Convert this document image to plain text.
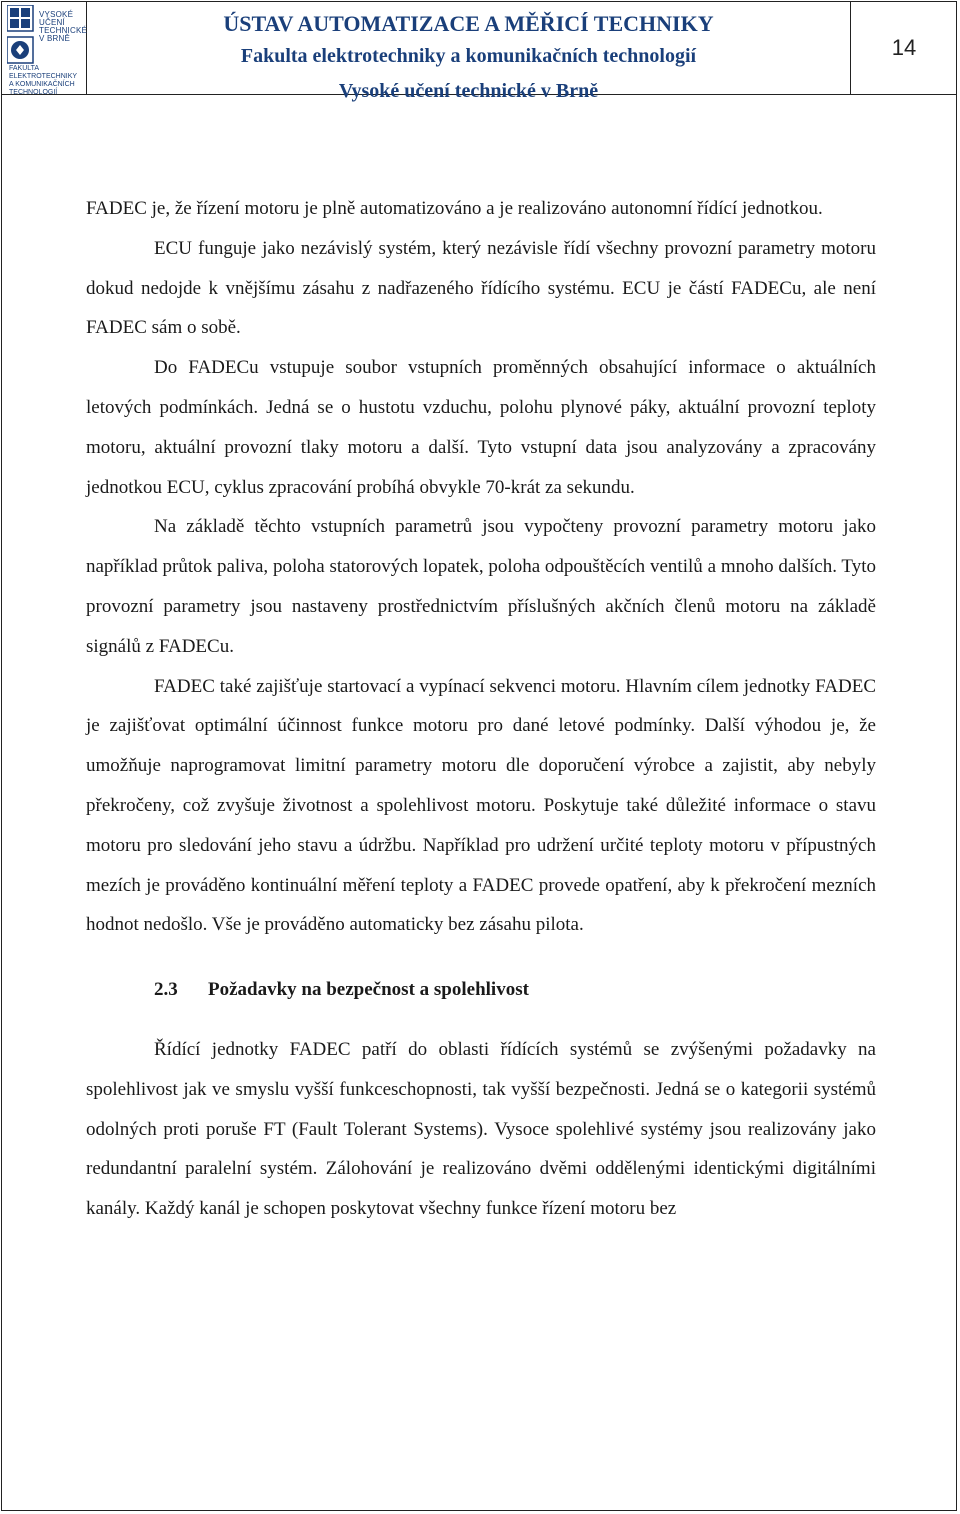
VYSOKÉ UČENÍ TECHNICKÉ V BRNĚ
FAKULTA ELEKTROTECHNIKY A KOMUNIKAČNÍCH TECHNOLOGIÍ
ÚSTAV AUTOMATIZACE A MĚŘICÍ TECHNIKY
Fakulta elektrotechniky a komunikačních technologií
Vysoké učení technické v Brně
14

FADEC je, že řízení motoru je plně automatizováno a je realizováno autonomní řídící jednotkou.

ECU funguje jako nezávislý systém, který nezávisle řídí všechny provozní parametry motoru dokud nedojde k vnějšímu zásahu z nadřazeného řídícího systému. ECU je částí FADECu, ale není FADEC sám o sobě.

Do FADECu vstupuje soubor vstupních proměnných obsahující informace o aktuálních letových podmínkách. Jedná se o hustotu vzduchu, polohu plynové páky, aktuální provozní teploty motoru, aktuální provozní tlaky motoru a další. Tyto vstupní data jsou analyzovány a zpracovány jednotkou ECU, cyklus zpracování probíhá obvykle 70-krát za sekundu.

Na základě těchto vstupních parametrů jsou vypočteny provozní parametry motoru jako například průtok paliva, poloha statorových lopatek, poloha odpouštěcích ventilů a mnoho dalších. Tyto provozní parametry jsou nastaveny prostřednictvím příslušných akčních členů motoru na základě signálů z FADECu.

FADEC také zajišťuje startovací a vypínací sekvenci motoru. Hlavním cílem jednotky FADEC je zajišťovat optimální účinnost funkce motoru pro dané letové podmínky. Další výhodou je, že umožňuje naprogramovat limitní parametry motoru dle doporučení výrobce a zajistit, aby nebyly překročeny, což zvyšuje životnost a spolehlivost motoru. Poskytuje také důležité informace o stavu motoru pro sledování jeho stavu a údržbu. Například pro udržení určité teploty motoru v přípustných mezích je prováděno kontinuální měření teploty a FADEC provede opatření, aby k překročení mezních hodnot nedošlo. Vše je prováděno automaticky bez zásahu pilota.

2.3 Požadavky na bezpečnost a spolehlivost

Řídící jednotky FADEC patří do oblasti řídících systémů se zvýšenými požadavky na spolehlivost jak ve smyslu vyšší funkceschopnosti, tak vyšší bezpečnosti. Jedná se o kategorii systémů odolných proti poruše FT (Fault Tolerant Systems). Vysoce spolehlivé systémy jsou realizovány jako redundantní paralelní systém. Zálohování je realizováno dvěmi oddělenými identickými digitálními kanály. Každý kanál je schopen poskytovat všechny funkce řízení motoru bez
